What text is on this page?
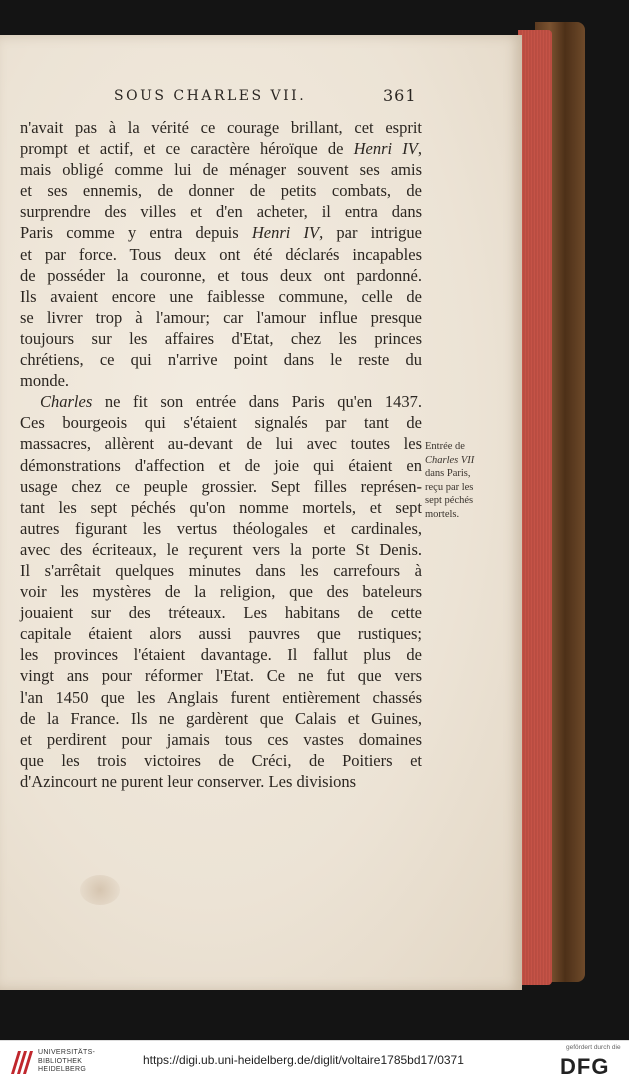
SOUS CHARLES VII.	361
n'avait pas à la vérité ce courage brillant, cet esprit
prompt et actif, et ce caractère héroïque de Henri IV,
mais obligé comme lui de ménager souvent ses amis
et ses ennemis, de donner de petits combats, de
surprendre des villes et d'en acheter, il entra dans
Paris comme y entra depuis Henri IV, par intrigue
et par force. Tous deux ont été déclarés incapables
de posséder la couronne, et tous deux ont pardonné.
Ils avaient encore une faiblesse commune, celle de
se livrer trop à l'amour; car l'amour influe presque
toujours sur les affaires d'Etat, chez les princes
chrétiens, ce qui n'arrive point dans le reste du
monde.
Charles ne fit son entrée dans Paris qu'en 1437.
Ces bourgeois qui s'étaient signalés par tant de
massacres, allèrent au-devant de lui avec toutes les
démonstrations d'affection et de joie qui étaient en
usage chez ce peuple grossier. Sept filles représen-
tant les sept péchés qu'on nomme mortels, et sept
autres figurant les vertus théologales et cardinales,
avec des écriteaux, le reçurent vers la porte St Denis.
Il s'arrêtait quelques minutes dans les carrefours à
voir les mystères de la religion, que des bateleurs
jouaient sur des tréteaux. Les habitans de cette
capitale étaient alors aussi pauvres que rustiques;
les provinces l'étaient davantage. Il fallut plus de
vingt ans pour réformer l'Etat. Ce ne fut que vers
l'an 1450 que les Anglais furent entièrement chassés
de la France. Ils ne gardèrent que Calais et Guines,
et perdirent pour jamais tous ces vastes domaines
que les trois victoires de Créci, de Poitiers et
d'Azincourt ne purent leur conserver. Les divisions
Entrée de
Charles VII
dans Paris,
reçu par les
sept péchés
mortels.
UNIVERSITÄTS-
BIBLIOTHEK
HEIDELBERG
https://digi.ub.uni-heidelberg.de/diglit/voltaire1785bd17/0371
gefördert durch die
DFG
